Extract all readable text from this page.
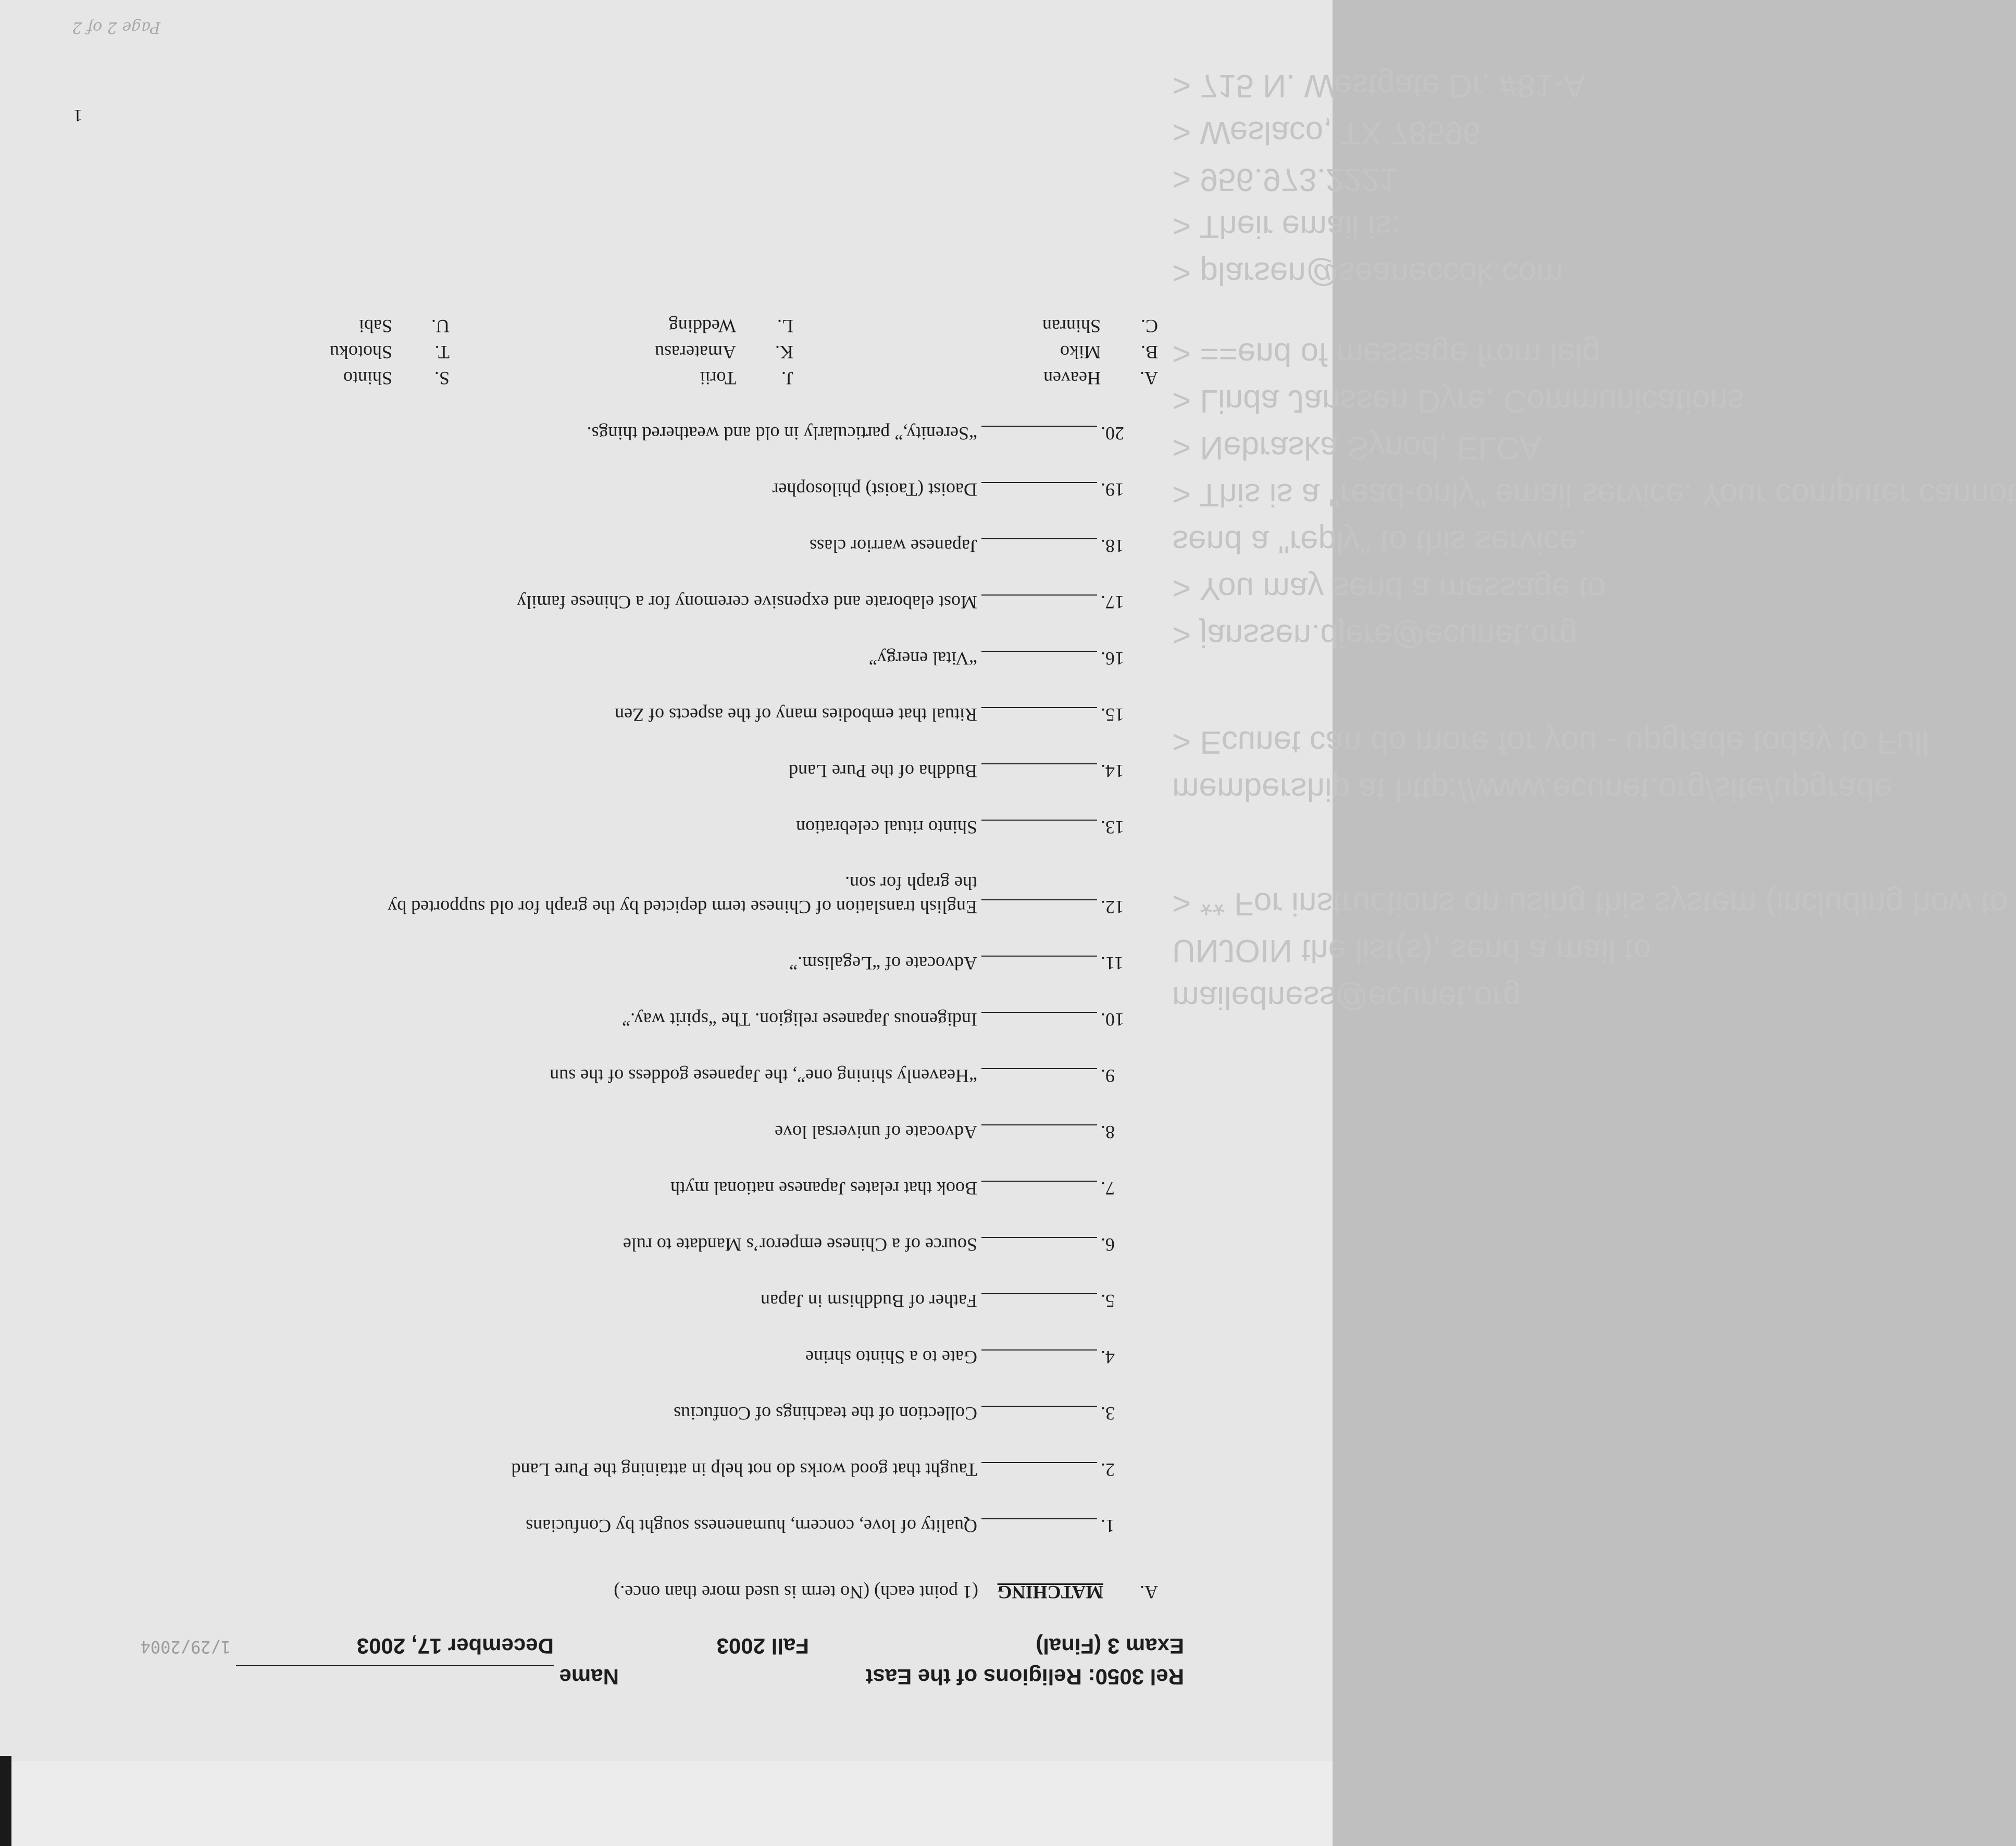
mailedness@ecunet.org
UNJOIN the list(s), send a mail to
> ** For instructions on using this system (including how to
membership at http://www.ecunet.org/site/upgrade
> Ecunet can do more for you - upgrade today to Full
> janssen.djere@ecunet.org
> You may send a message to
send a "reply" to this service.
> This is a "read-only" email service. Your computer cannot
> Nebraska Synod, ELCA
> Linda Janssen Dyre, Communications
> ==end of message from lelg
> plarsen@seaneccok.com
> Their email is:
> 956.973.2221
> Weslaco, TX 78596
> 715 N. Westgate Dr. #81-A
Rel 3050: Religions of the East
Name
Exam 3 (Final)
Fall 2003
December 17, 2003
1/29/2004
A.
MATCHING
(1 point each) (No term is used more than once.)
1.
Quality of love, concern, humaneness sought by Confucians
2.
Taught that good works do not help in attaining the Pure Land
3.
Collection of the teachings of Confucius
4.
Gate to a Shinto shrine
5.
Father of Buddhism in Japan
6.
Source of a Chinese emperor’s Mandate to rule
7.
Book that relates Japanese national myth
8.
Advocate of universal love
9.
“Heavenly shining one”, the Japanese goddess of the sun
10.
Indigenous Japanese religion. The “spirit way.”
11.
Advocate of “Legalism.”
12.
English translation of Chinese term depicted by the graph for old supported by
the graph for son.
13.
Shinto ritual celebration
14.
Buddha of the Pure Land
15.
Ritual that embodies many of the aspects of Zen
16.
“Vital energy”
17.
Most elaborate and expensive ceremony for a Chinese family
18.
Japanese warrior class
19.
Daoist (Taoist) philosopher
20.
“Serenity,” particularly in old and weathered things.
A.
Heaven
B.
Miko
C.
Shinran
J.
Torii
K.
Amaterasu
L.
Wedding
S.
Shinto
T.
Shotoku
U.
Sabi
1
Page 2 of 2
